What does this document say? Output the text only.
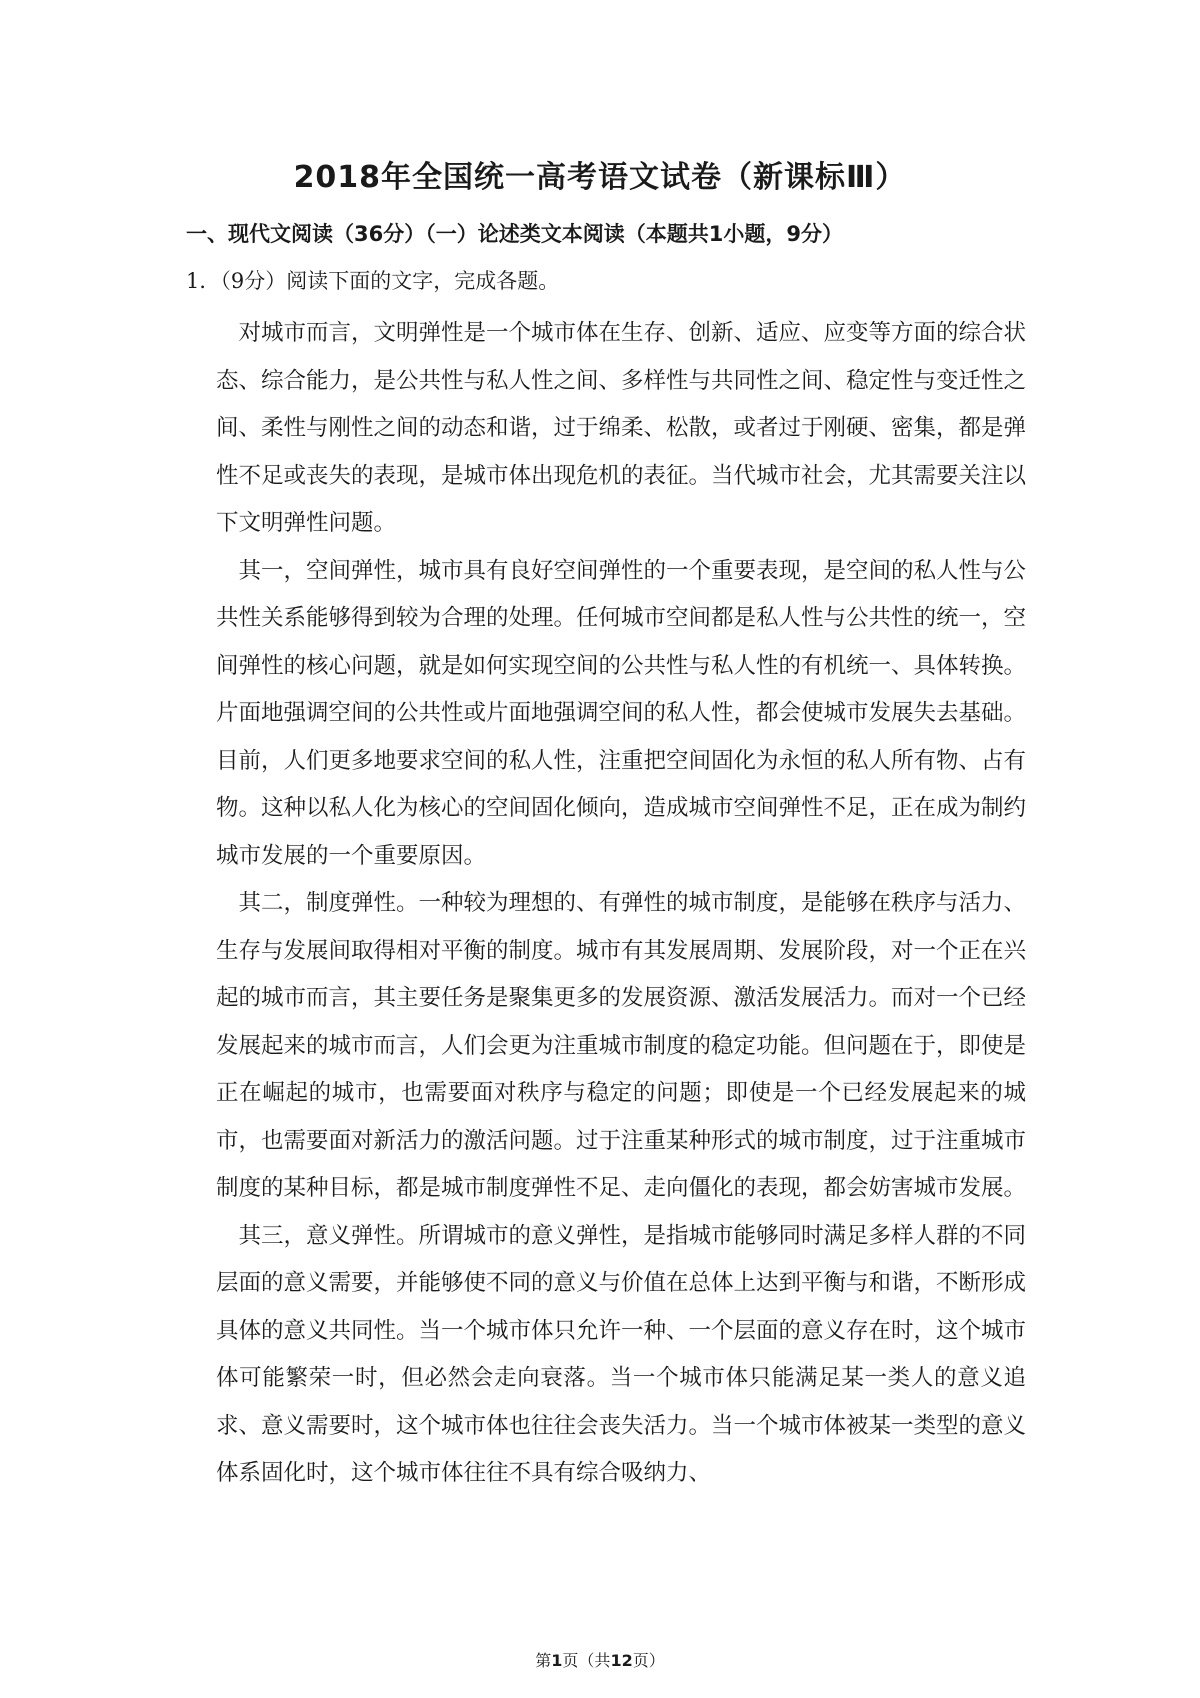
2018年全国统一高考语文试卷（新课标Ⅲ）
一、现代文阅读（36分）（一）论述类文本阅读（本题共1小题，9分）
1．（9分）阅读下面的文字，完成各题。

对城市而言，文明弹性是一个城市体在生存、创新、适应、应变等方面的综合状态、综合能力，是公共性与私人性之间、多样性与共同性之间、稳定性与变迁性之间、柔性与刚性之间的动态和谐，过于绵柔、松散，或者过于刚硬、密集，都是弹性不足或丧失的表现，是城市体出现危机的表征。当代城市社会，尤其需要关注以下文明弹性问题。

其一，空间弹性，城市具有良好空间弹性的一个重要表现，是空间的私人性与公共性关系能够得到较为合理的处理。任何城市空间都是私人性与公共性的统一，空间弹性的核心问题，就是如何实现空间的公共性与私人性的有机统一、具体转换。片面地强调空间的公共性或片面地强调空间的私人性，都会使城市发展失去基础。目前，人们更多地要求空间的私人性，注重把空间固化为永恒的私人所有物、占有物。这种以私人化为核心的空间固化倾向，造成城市空间弹性不足，正在成为制约城市发展的一个重要原因。

其二，制度弹性。一种较为理想的、有弹性的城市制度，是能够在秩序与活力、生存与发展间取得相对平衡的制度。城市有其发展周期、发展阶段，对一个正在兴起的城市而言，其主要任务是聚集更多的发展资源、激活发展活力。而对一个已经发展起来的城市而言，人们会更为注重城市制度的稳定功能。但问题在于，即使是正在崛起的城市，也需要面对秩序与稳定的问题；即使是一个已经发展起来的城市，也需要面对新活力的激活问题。过于注重某种形式的城市制度，过于注重城市制度的某种目标，都是城市制度弹性不足、走向僵化的表现，都会妨害城市发展。

其三，意义弹性。所谓城市的意义弹性，是指城市能够同时满足多样人群的不同层面的意义需要，并能够使不同的意义与价值在总体上达到平衡与和谐，不断形成具体的意义共同性。当一个城市体只允许一种、一个层面的意义存在时，这个城市体可能繁荣一时，但必然会走向衰落。当一个城市体只能满足某一类人的意义追求、意义需要时，这个城市体也往往会丧失活力。当一个城市体被某一类型的意义体系固化时，这个城市体往往不具有综合吸纳力、

第1页（共12页）
